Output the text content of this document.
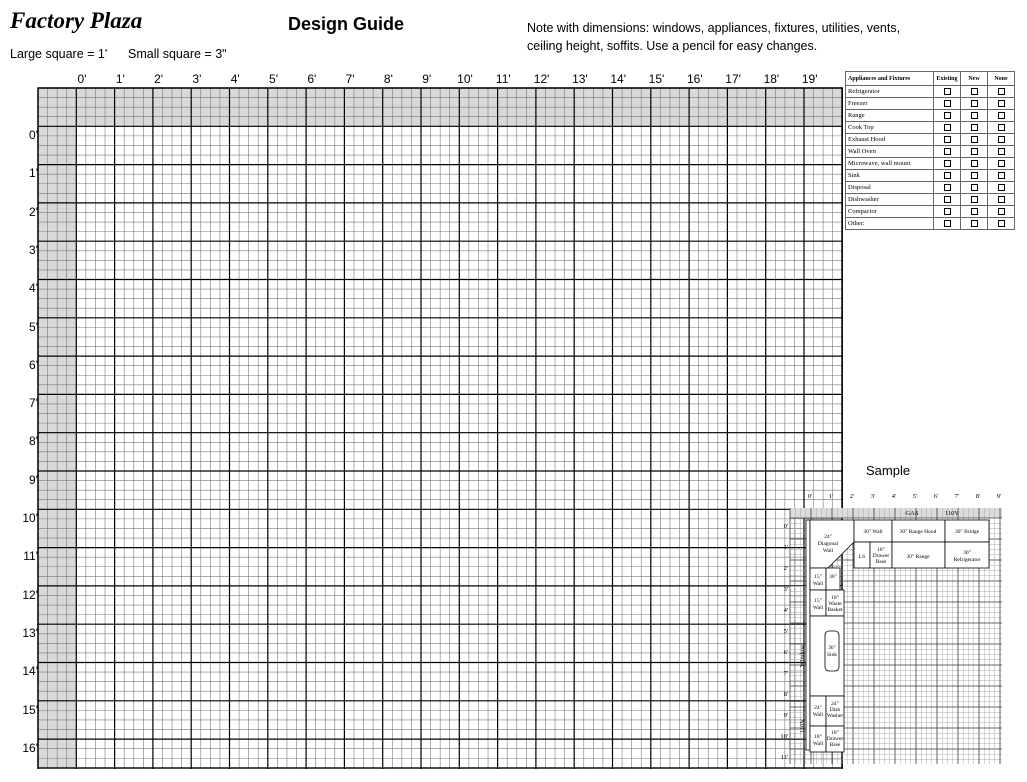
Factory Plaza	Design Guide
Large square = 1' Small square = 3"
Note with dimensions: windows, appliances, fixtures, utilities, vents,
ceiling height, soffits. Use a pencil for easy changes.
0'	1'	2'	3'	4'	5'	6'	7'	8'	9'	10'	11'	12'	13'	14'	15'	16'	17'	18'	19'
0'
1'
2'
3'
4'
5'
6'
7'
8'
9'
10'
11'
12'
13'
14'
15'
16'
Appliances and Fixtures	Existing	New	None
Refrigerator			
Freezer			
Range			
Cook Top			
Exhaust Hood			
Wall Oven			
Microwave, wall mount			
Sink			
Disposal			
Dishwasher			
Compactor			
Other:			
Sample
0'	1'	2'	3'	4'	5'	6'	7'	8'	9'
0'
1'
2'
3'
4'
5'
6'
7'
8'
9'
10'
11'
GAS	110V
24"
Diagonal
Wall
30" Wall	30" Range Hood	30" Bridge
LS
18"
Drawer
Base
30" Range
30"
Refrigerator
15"
Wall
36"
15"
Wall
18"
Waste
Basket
36"
Sink
24"
Wall
24"
Dish
Washer
18"
Wall
18"
Drawer
Base
Window
110V
